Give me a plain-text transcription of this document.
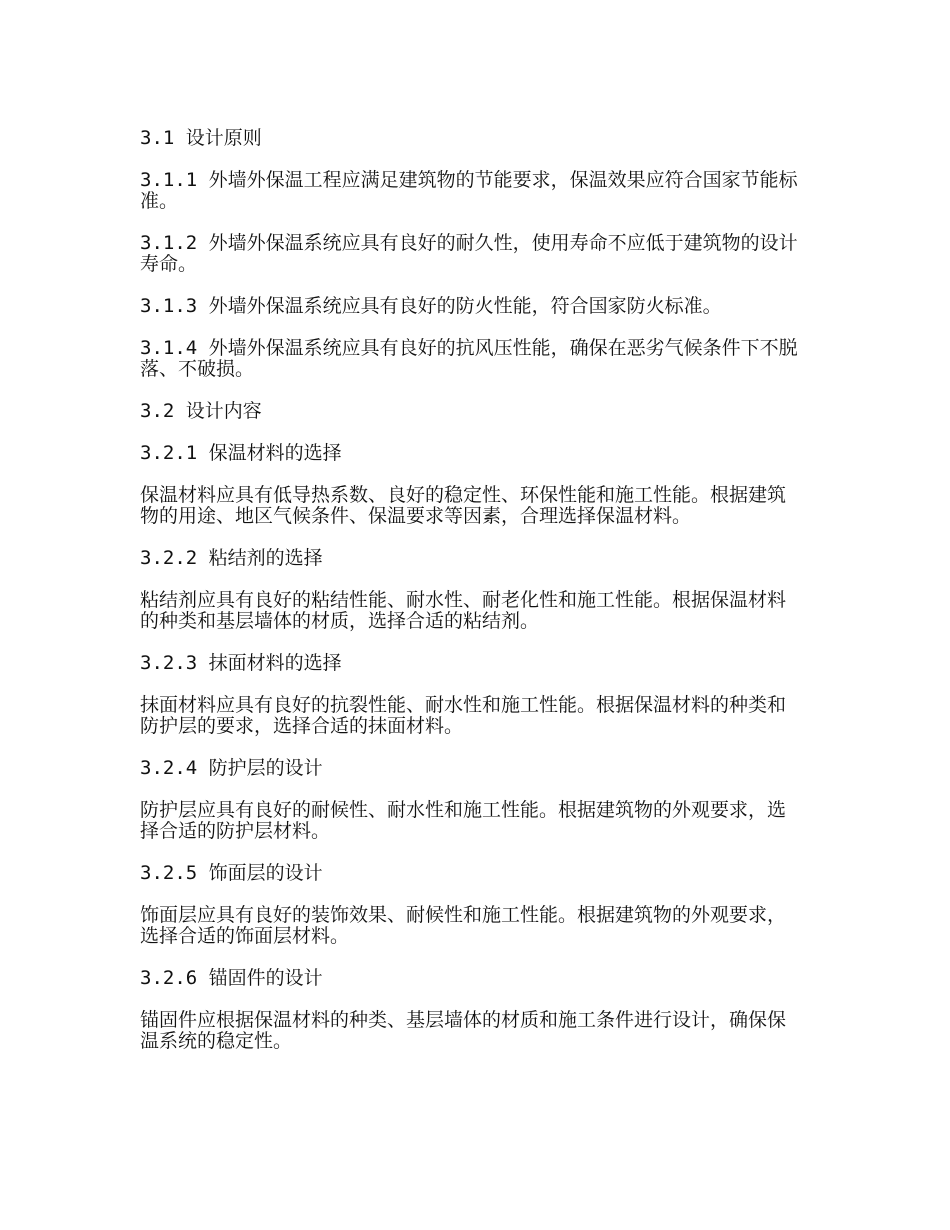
3.1 设计原则

3.1.1 外墙外保温工程应满足建筑物的节能要求，保温效果应符合国家节能标准。

3.1.2 外墙外保温系统应具有良好的耐久性，使用寿命不应低于建筑物的设计寿命。

3.1.3 外墙外保温系统应具有良好的防火性能，符合国家防火标准。

3.1.4 外墙外保温系统应具有良好的抗风压性能，确保在恶劣气候条件下不脱落、不破损。

3.2 设计内容

3.2.1 保温材料的选择

保温材料应具有低导热系数、良好的稳定性、环保性能和施工性能。根据建筑物的用途、地区气候条件、保温要求等因素，合理选择保温材料。

3.2.2 粘结剂的选择

粘结剂应具有良好的粘结性能、耐水性、耐老化性和施工性能。根据保温材料的种类和基层墙体的材质，选择合适的粘结剂。

3.2.3 抹面材料的选择

抹面材料应具有良好的抗裂性能、耐水性和施工性能。根据保温材料的种类和防护层的要求，选择合适的抹面材料。

3.2.4 防护层的设计

防护层应具有良好的耐候性、耐水性和施工性能。根据建筑物的外观要求，选择合适的防护层材料。

3.2.5 饰面层的设计

饰面层应具有良好的装饰效果、耐候性和施工性能。根据建筑物的外观要求，选择合适的饰面层材料。

3.2.6 锚固件的设计

锚固件应根据保温材料的种类、基层墙体的材质和施工条件进行设计，确保保温系统的稳定性。
